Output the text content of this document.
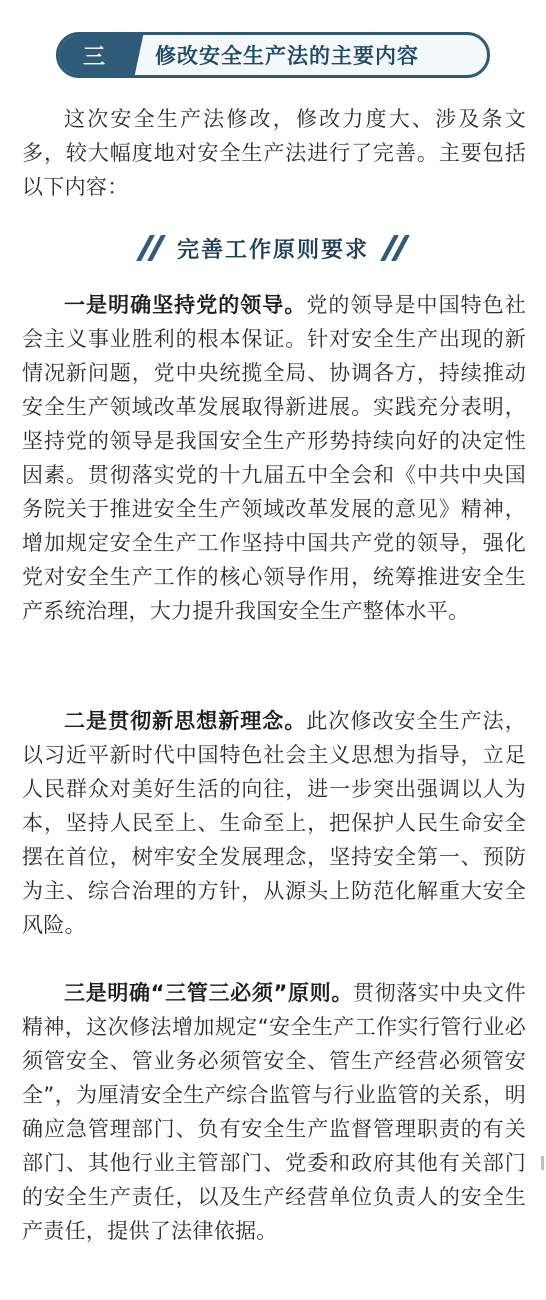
三	修改安全生产法的主要内容

这次安全生产法修改，修改力度大、涉及条文多，较大幅度地对安全生产法进行了完善。主要包括以下内容：

完善工作原则要求

一是明确坚持党的领导。党的领导是中国特色社会主义事业胜利的根本保证。针对安全生产出现的新情况新问题，党中央统揽全局、协调各方，持续推动安全生产领域改革发展取得新进展。实践充分表明，坚持党的领导是我国安全生产形势持续向好的决定性因素。贯彻落实党的十九届五中全会和《中共中央国务院关于推进安全生产领域改革发展的意见》精神，增加规定安全生产工作坚持中国共产党的领导，强化党对安全生产工作的核心领导作用，统筹推进安全生产系统治理，大力提升我国安全生产整体水平。

二是贯彻新思想新理念。此次修改安全生产法，以习近平新时代中国特色社会主义思想为指导，立足人民群众对美好生活的向往，进一步突出强调以人为本，坚持人民至上、生命至上，把保护人民生命安全摆在首位，树牢安全发展理念，坚持安全第一、预防为主、综合治理的方针，从源头上防范化解重大安全风险。

三是明确“三管三必须”原则。贯彻落实中央文件精神，这次修法增加规定“安全生产工作实行管行业必须管安全、管业务必须管安全、管生产经营必须管安全”，为厘清安全生产综合监管与行业监管的关系，明确应急管理部门、负有安全生产监督管理职责的有关部门、其他行业主管部门、党委和政府其他有关部门的安全生产责任，以及生产经营单位负责人的安全生产责任，提供了法律依据。
